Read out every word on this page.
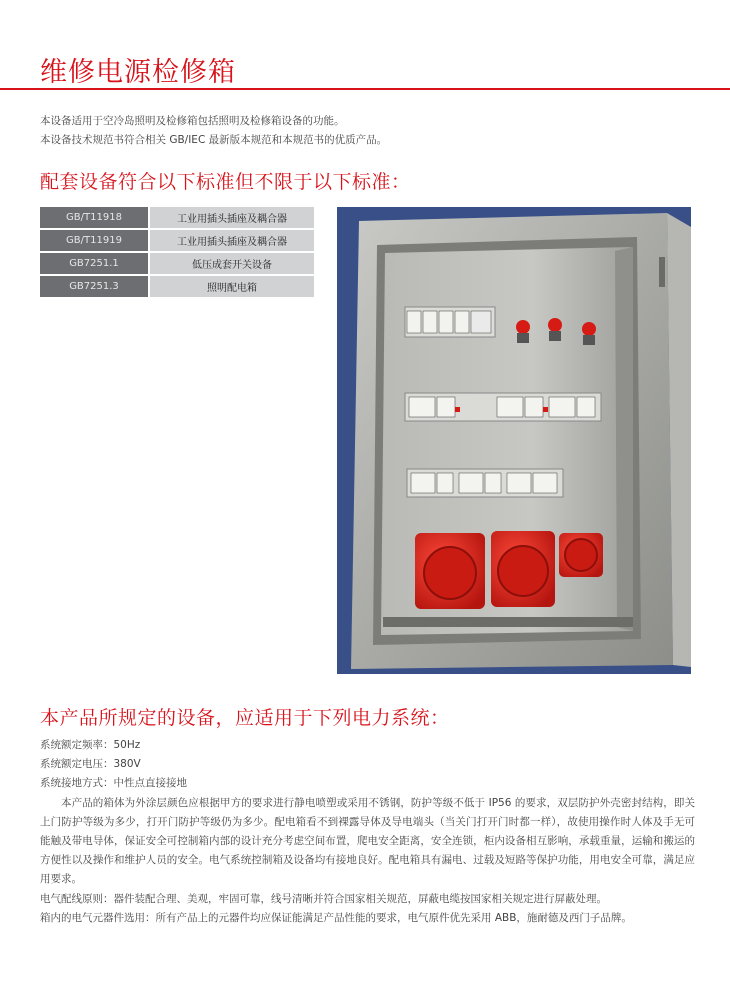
维修电源检修箱

本设备适用于空冷岛照明及检修箱包括照明及检修箱设备的功能。

本设备技术规范书符合相关 GB/IEC 最新版本规范和本规范书的优质产品。

配套设备符合以下标准但不限于以下标准：
GB/T11918	工业用插头插座及耦合器
GB/T11919	工业用插头插座及耦合器
GB7251.1	低压成套开关设备
GB7251.3	照明配电箱
本产品所规定的设备，应适用于下列电力系统：

系统额定频率：50Hz

系统额定电压：380V

系统接地方式：中性点直接接地

本产品的箱体为外涂层颜色应根据甲方的要求进行静电喷塑或采用不锈钢，防护等级不低于 IP56 的要求，双层防护外壳密封结构，即关上门防护等级为多少，打开门防护等级仍为多少。配电箱看不到裸露导体及导电端头（当关门打开门时都一样），故使用操作时人体及手无可能触及带电导体，保证安全可控制箱内部的设计充分考虑空间布置，爬电安全距离，安全连锁，柜内设备相互影响，承载重量，运输和搬运的方便性以及操作和维护人员的安全。电气系统控制箱及设备均有接地良好。配电箱具有漏电、过载及短路等保护功能，用电安全可靠，满足应用要求。

电气配线原则：器件装配合理、美观，牢固可靠，线号清晰并符合国家相关规范，屏蔽电缆按国家相关规定进行屏蔽处理。

箱内的电气元器件选用：所有产品上的元器件均应保证能满足产品性能的要求，电气原件优先采用 ABB，施耐德及西门子品牌。
